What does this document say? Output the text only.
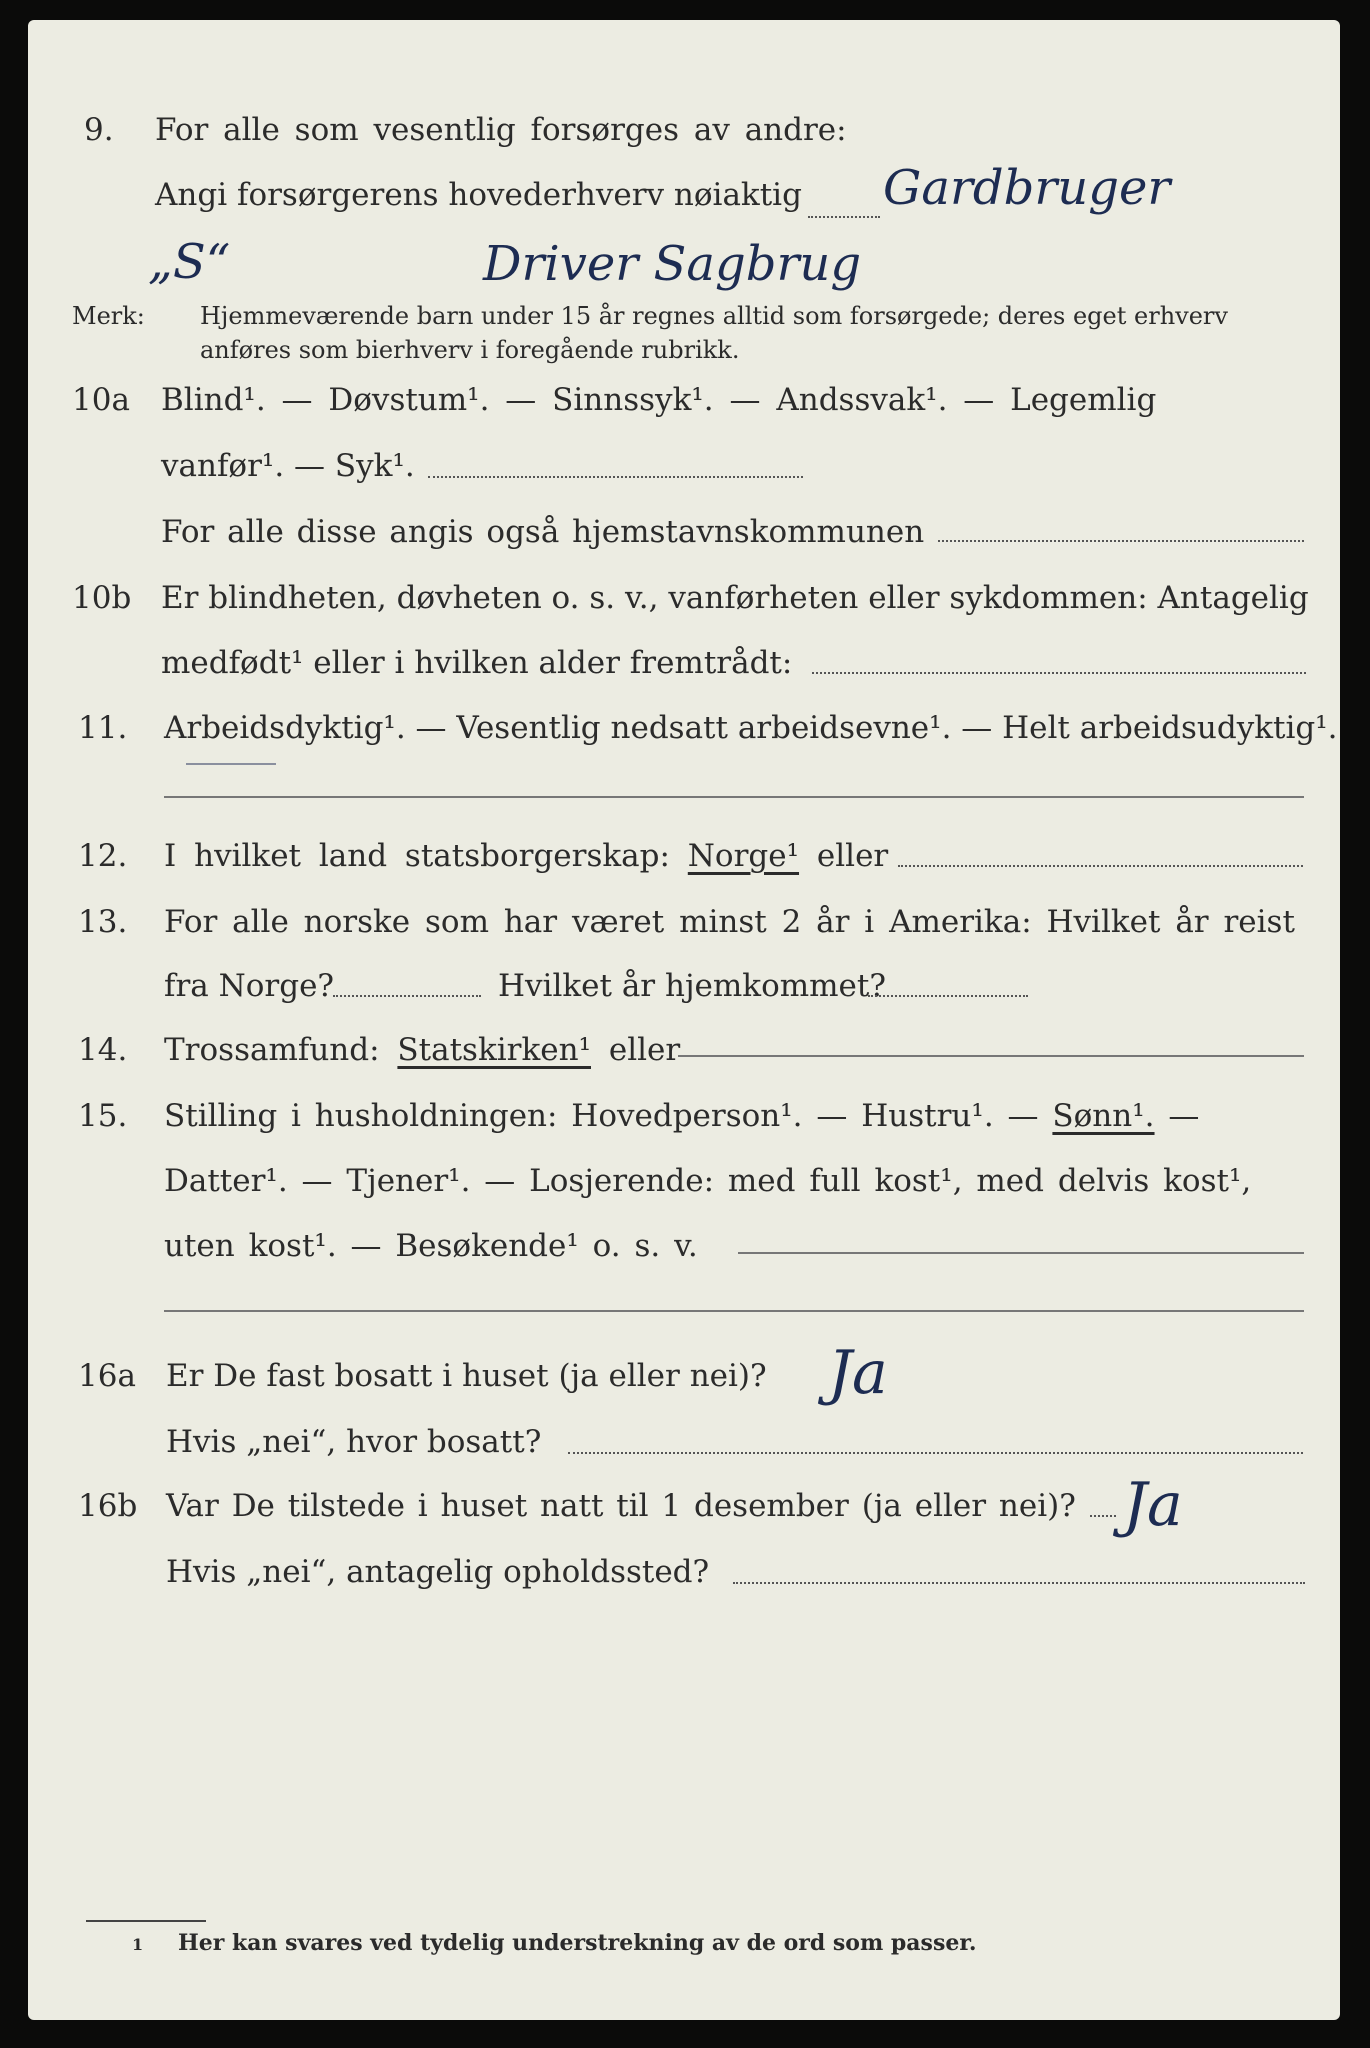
9. For alle som vesentlig forsørges av andre:
Angi forsørgerens hovederhverv nøiaktig Gardbruger
„S“	Driver Sagbrug
Merk: Hjemmeværende barn under 15 år regnes alltid som forsørgede; deres eget erhverv
anføres som bierhverv i foregående rubrikk.
10a Blind¹. — Døvstum¹. — Sinnssyk¹. — Andssvak¹. — Legemlig
vanfør¹. — Syk¹.
For alle disse angis også hjemstavnskommunen
10b Er blindheten, døvheten o. s. v., vanførheten eller sykdommen: Antagelig
medfødt¹ eller i hvilken alder fremtrådt:
11. Arbeidsdyktig¹. — Vesentlig nedsatt arbeidsevne¹. — Helt arbeidsudyktig¹.
12. I hvilket land statsborgerskap: Norge¹ eller
13. For alle norske som har været minst 2 år i Amerika: Hvilket år reist
fra Norge?	Hvilket år hjemkommet?
14. Trossamfund: Statskirken¹ eller
15. Stilling i husholdningen: Hovedperson¹. — Hustru¹. — Sønn¹. —
Datter¹. — Tjener¹. — Losjerende: med full kost¹, med delvis kost¹,
uten kost¹. — Besøkende¹ o. s. v.
16a Er De fast bosatt i huset (ja eller nei)? Ja
Hvis „nei“, hvor bosatt?
16b Var De tilstede i huset natt til 1 desember (ja eller nei)? Ja
Hvis „nei“, antagelig opholdssted?
1 Her kan svares ved tydelig understrekning av de ord som passer.
